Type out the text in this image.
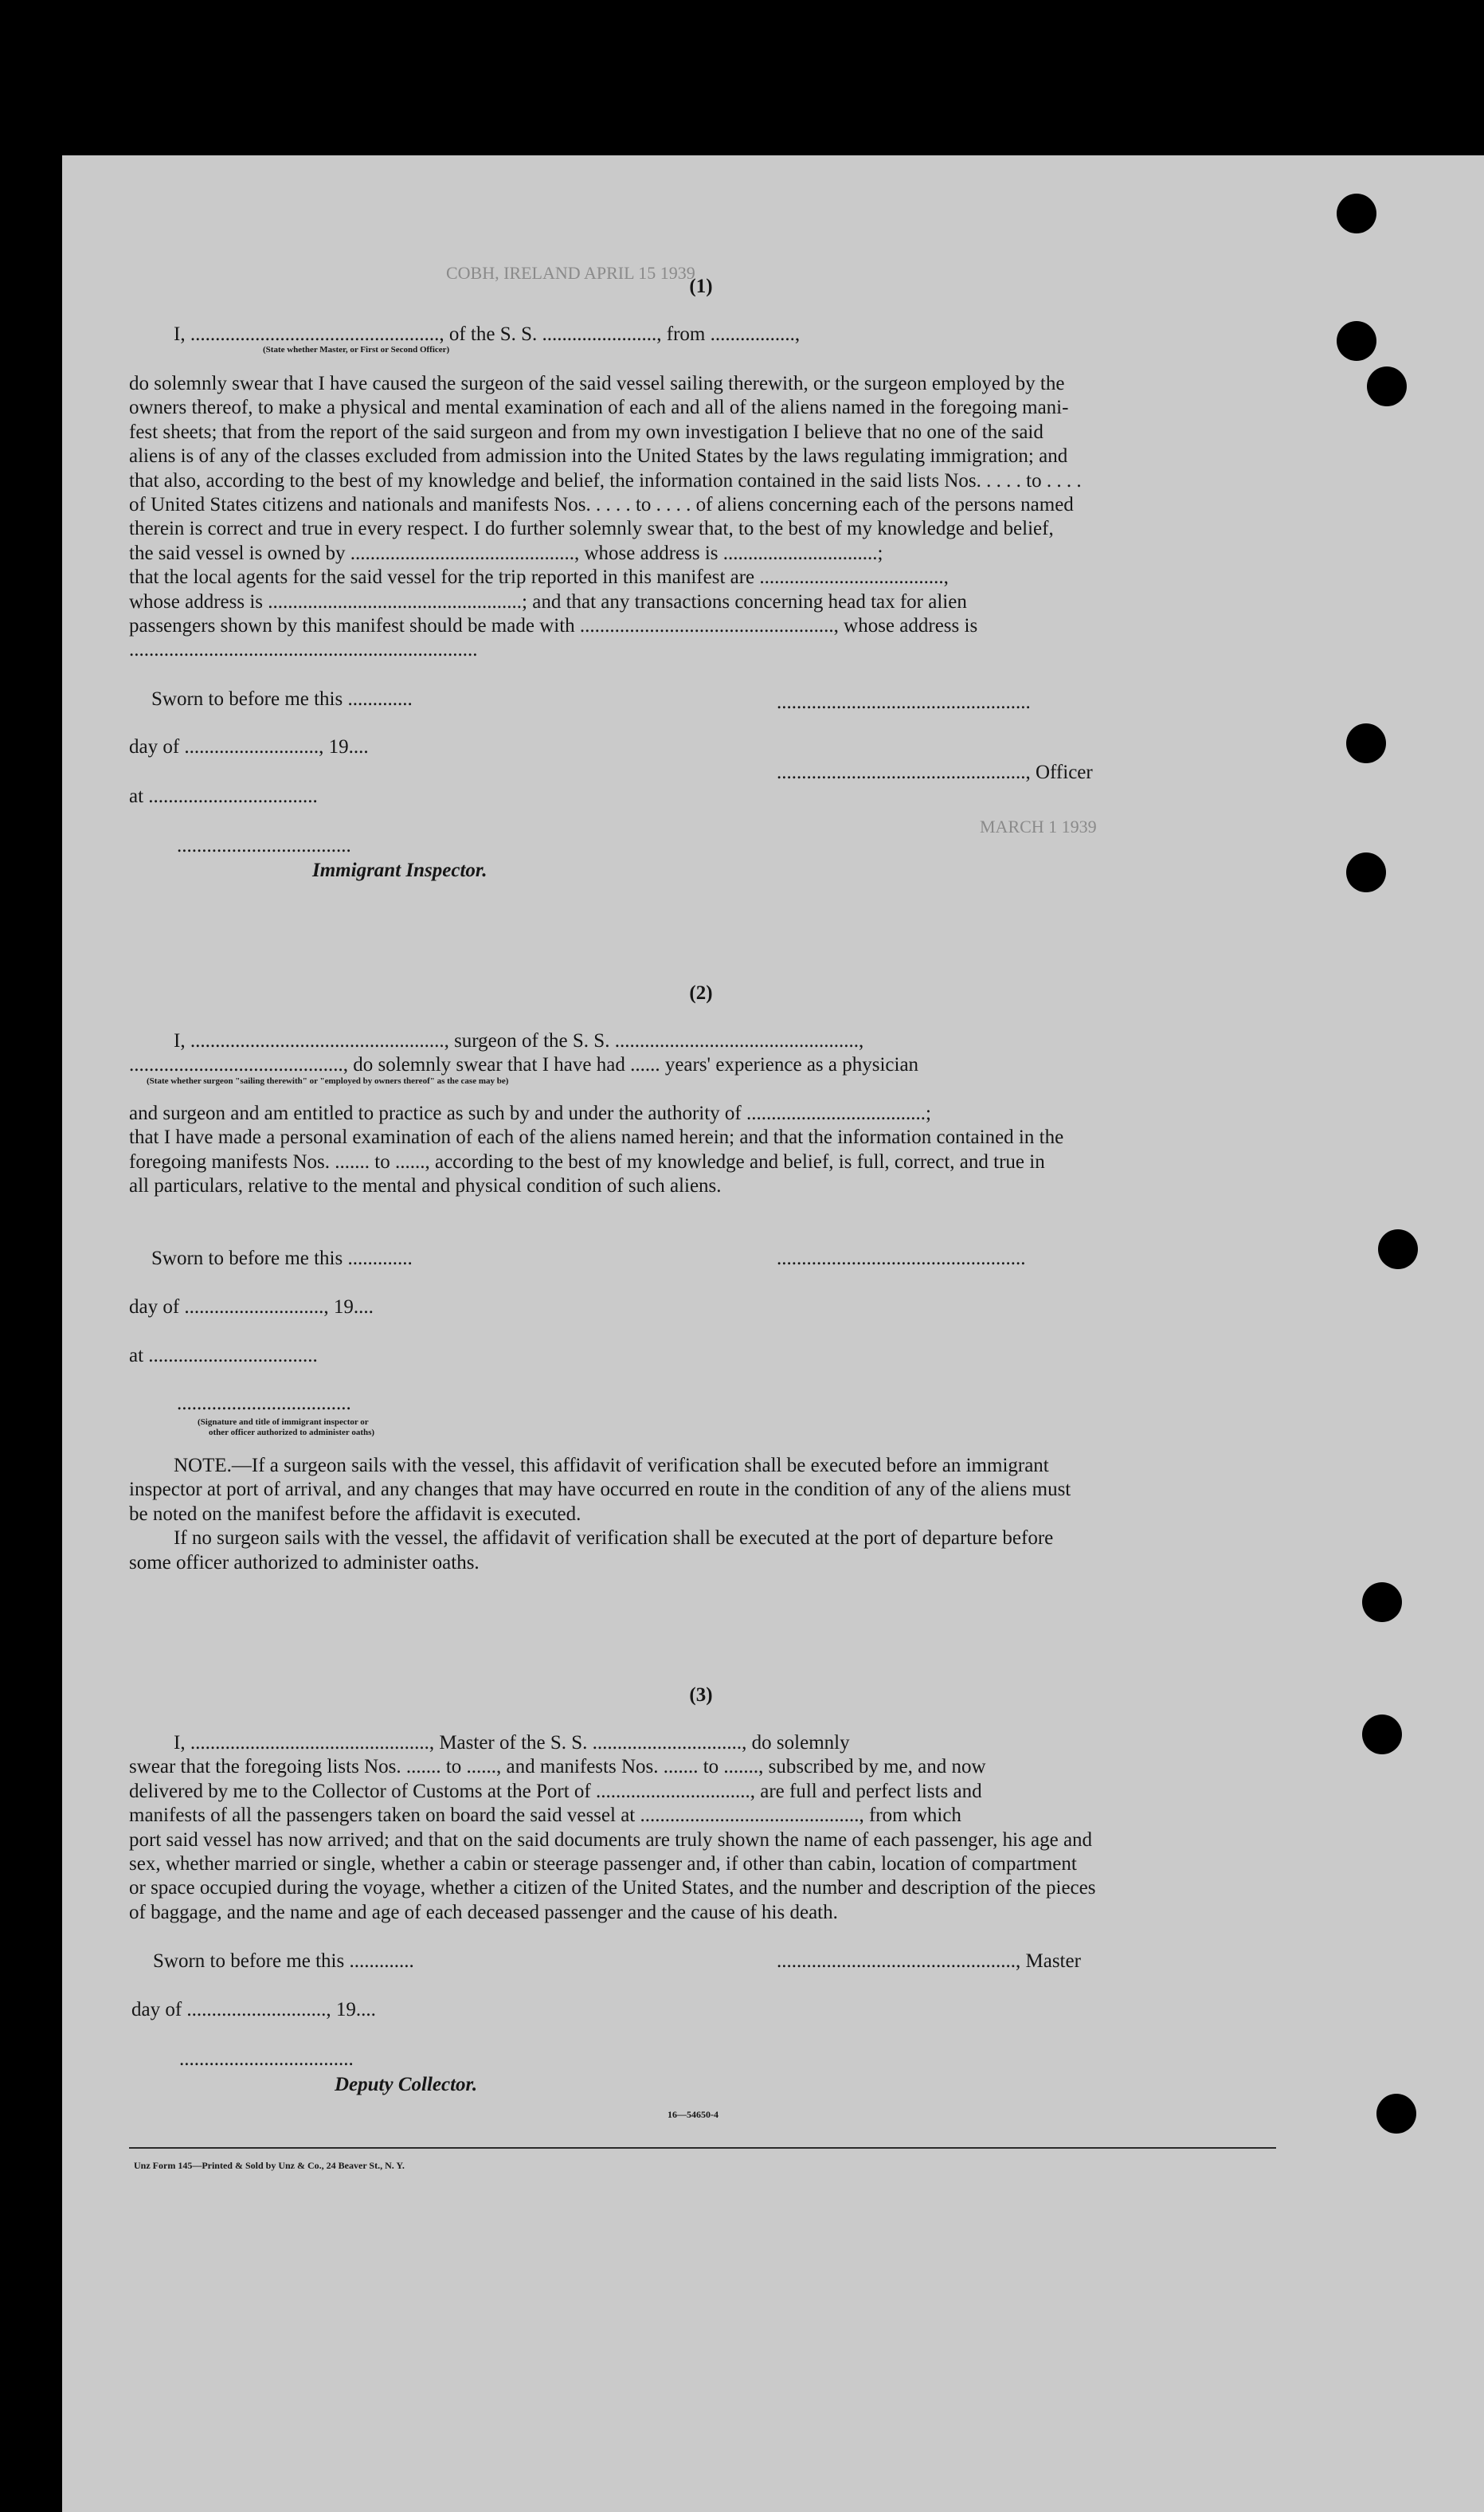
COBH, IRELAND APRIL 15 1939
MARCH 1 1939
(1)
I, .................................................., of the S. S. ......................., from .................,
(State whether Master, or First or Second Officer)
do solemnly swear that I have caused the surgeon of the said vessel sailing therewith, or the surgeon employed by the
owners thereof, to make a physical and mental examination of each and all of the aliens named in the foregoing mani-
fest sheets; that from the report of the said surgeon and from my own investigation I believe that no one of the said
aliens is of any of the classes excluded from admission into the United States by the laws regulating immigration; and
that also, according to the best of my knowledge and belief, the information contained in the said lists Nos. . . . . to . . . .
of United States citizens and nationals and manifests Nos. . . . . to . . . . of aliens concerning each of the persons named
therein is correct and true in every respect. I do further solemnly swear that, to the best of my knowledge and belief,
the said vessel is owned by ............................................., whose address is ...............................;
that the local agents for the said vessel for the trip reported in this manifest are .....................................,
whose address is ...................................................; and that any transactions concerning head tax for alien
passengers shown by this manifest should be made with ..................................................., whose address is
......................................................................
Sworn to before me this .............
day of ..........................., 19....
at ..................................
...................................
Immigrant Inspector.
...................................................
.................................................., Officer
(2)
I, ..................................................., surgeon of the S. S. .................................................,
..........................................., do solemnly swear that I have had ...... years' experience as a physician
(State whether surgeon "sailing therewith" or "employed by owners thereof" as the case may be)
and surgeon and am entitled to practice as such by and under the authority of ....................................;
that I have made a personal examination of each of the aliens named herein; and that the information contained in the
foregoing manifests Nos. ....... to ......, according to the best of my knowledge and belief, is full, correct, and true in
all particulars, relative to the mental and physical condition of such aliens.
Sworn to before me this .............
day of ............................, 19....
at ..................................
...................................
(Signature and title of immigrant inspector or
other officer authorized to administer oaths)
..................................................
NOTE.—If a surgeon sails with the vessel, this affidavit of verification shall be executed before an immigrant
inspector at port of arrival, and any changes that may have occurred en route in the condition of any of the aliens must
be noted on the manifest before the affidavit is executed.
If no surgeon sails with the vessel, the affidavit of verification shall be executed at the port of departure before
some officer authorized to administer oaths.
(3)
I, ................................................, Master of the S. S. .............................., do solemnly
swear that the foregoing lists Nos. ....... to ......, and manifests Nos. ....... to ......., subscribed by me, and now
delivered by me to the Collector of Customs at the Port of ..............................., are full and perfect lists and
manifests of all the passengers taken on board the said vessel at ............................................, from which
port said vessel has now arrived; and that on the said documents are truly shown the name of each passenger, his age and
sex, whether married or single, whether a cabin or steerage passenger and, if other than cabin, location of compartment
or space occupied during the voyage, whether a citizen of the United States, and the number and description of the pieces
of baggage, and the name and age of each deceased passenger and the cause of his death.
Sworn to before me this .............
day of ............................, 19....
................................................, Master
...................................
Deputy Collector.
16—54650-4
Unz Form 145—Printed & Sold by Unz & Co., 24 Beaver St., N. Y.
